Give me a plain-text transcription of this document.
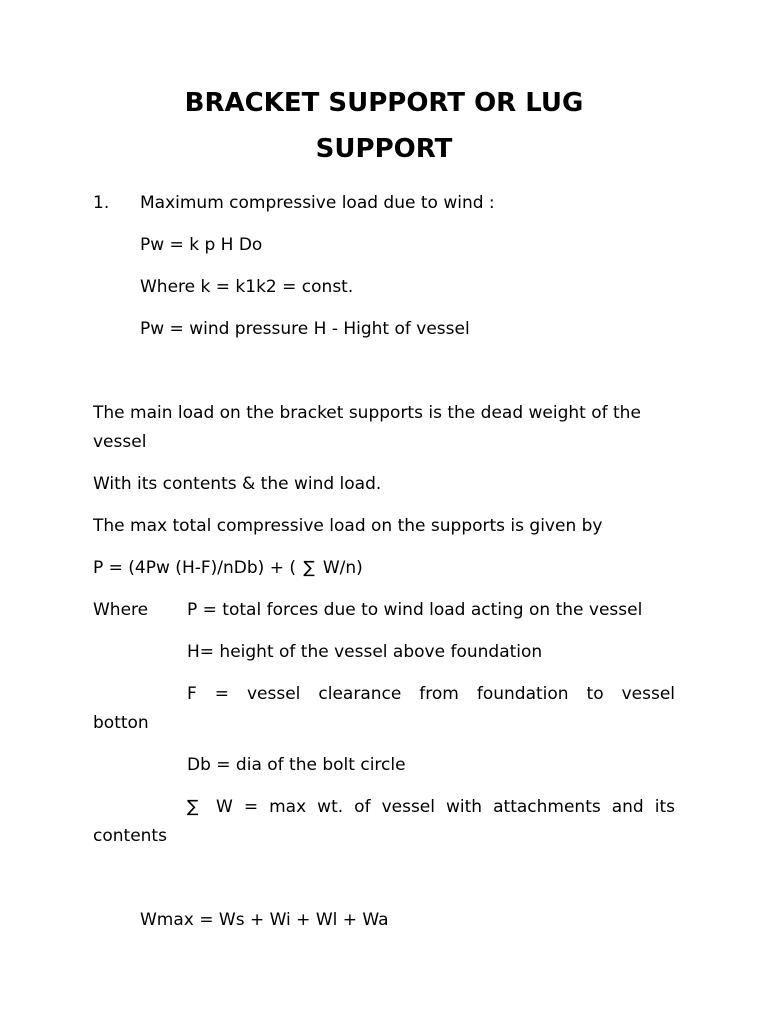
BRACKET SUPPORT OR LUG
SUPPORT
1. Maximum compressive load due to wind :
Pw = k p H Do
Where k = k1k2 = const.
Pw = wind pressure H - Hight of vessel
The main load on the bracket supports is the dead weight of the
vessel
With its contents & the wind load.
The max total compressive load on the supports is given by
P = (4Pw (H-F)/nDb) + ( ∑ W/n)
Where P = total forces due to wind load acting on the vessel
H= height of the vessel above foundation
F = vessel clearance from foundation to vessel
botton
Db = dia of the bolt circle
∑ W = max wt. of vessel with attachments and its
contents
Wmax = Ws + Wi + Wl + Wa
